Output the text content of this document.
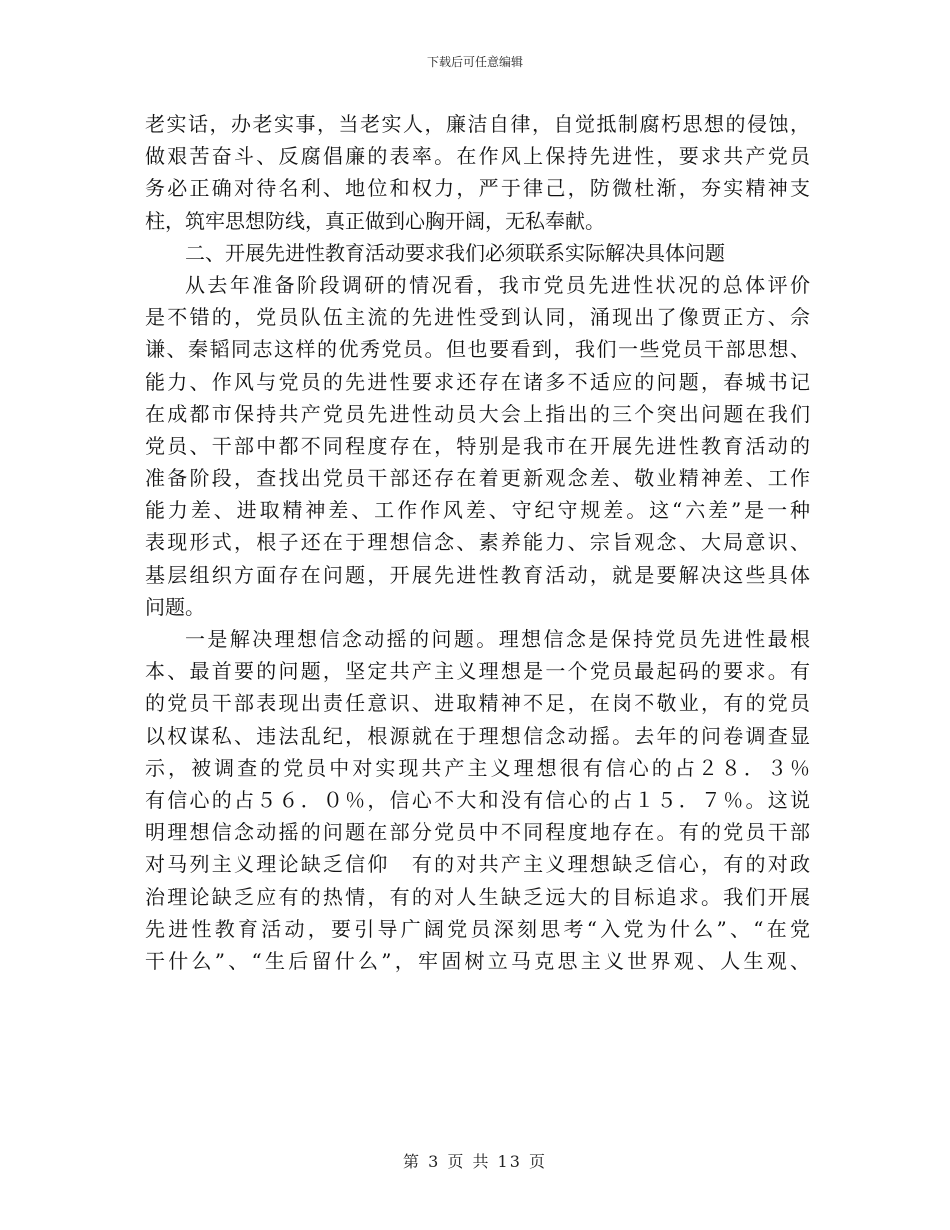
下载后可任意编辑
老实话，办老实事，当老实人，廉洁自律，自觉抵制腐朽思想的侵蚀，
做艰苦奋斗、反腐倡廉的表率。在作风上保持先进性，要求共产党员
务必正确对待名利、地位和权力，严于律己，防微杜渐，夯实精神支
柱，筑牢思想防线，真正做到心胸开阔，无私奉献。
二、开展先进性教育活动要求我们必须联系实际解决具体问题
从去年准备阶段调研的情况看，我市党员先进性状况的总体评价
是不错的，党员队伍主流的先进性受到认同，涌现出了像贾正方、佘
谦、秦韬同志这样的优秀党员。但也要看到，我们一些党员干部思想、
能力、作风与党员的先进性要求还存在诸多不适应的问题，春城书记
在成都市保持共产党员先进性动员大会上指出的三个突出问题在我们
党员、干部中都不同程度存在，特别是我市在开展先进性教育活动的
准备阶段，查找出党员干部还存在着更新观念差、敬业精神差、工作
能力差、进取精神差、工作作风差、守纪守规差。这“六差”是一种
表现形式，根子还在于理想信念、素养能力、宗旨观念、大局意识、
基层组织方面存在问题，开展先进性教育活动，就是要解决这些具体
问题。
一是解决理想信念动摇的问题。理想信念是保持党员先进性最根
本、最首要的问题，坚定共产主义理想是一个党员最起码的要求。有
的党员干部表现出责任意识、进取精神不足，在岗不敬业，有的党员
以权谋私、违法乱纪，根源就在于理想信念动摇。去年的问卷调查显
示，被调查的党员中对实现共产主义理想很有信心的占２８．３％
有信心的占５６．０％，信心不大和没有信心的占１５．７％。这说
明理想信念动摇的问题在部分党员中不同程度地存在。有的党员干部
对马列主义理论缺乏信仰　有的对共产主义理想缺乏信心，有的对政
治理论缺乏应有的热情，有的对人生缺乏远大的目标追求。我们开展
先进性教育活动，要引导广阔党员深刻思考“入党为什么”、“在党
干什么”、“生后留什么”，牢固树立马克思主义世界观、人生观、
第 3 页 共 13 页
